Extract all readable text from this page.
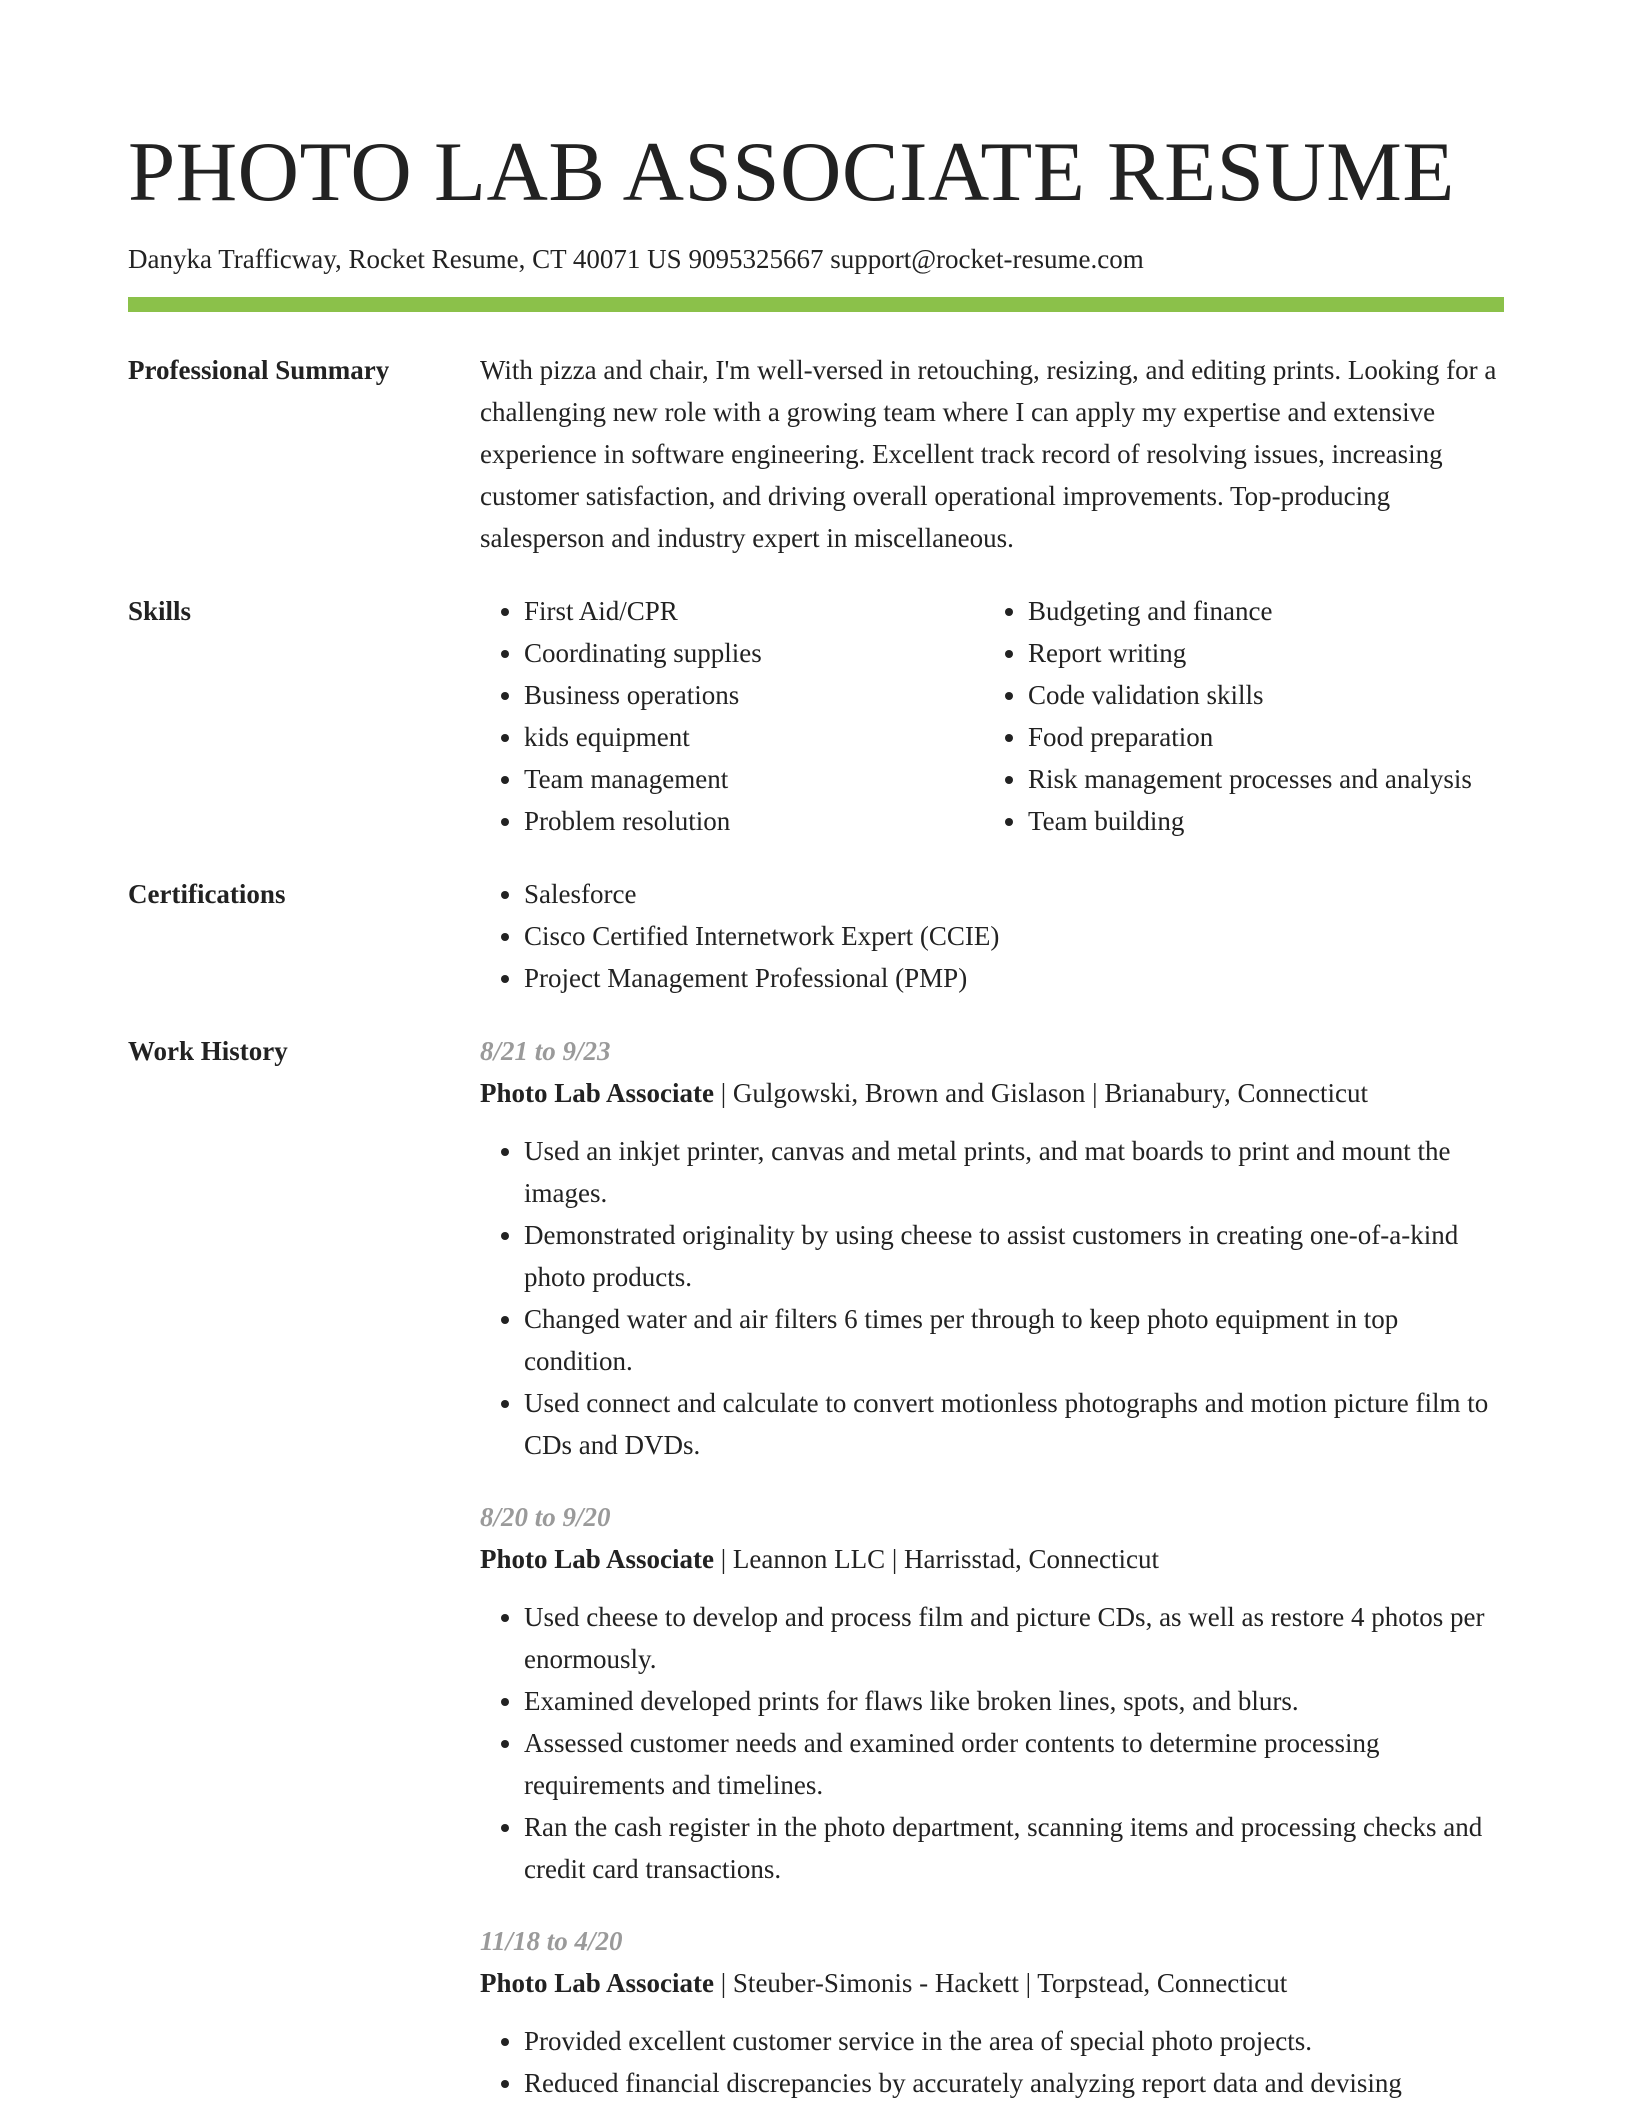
PHOTO LAB ASSOCIATE RESUME
Danyka Trafficway, Rocket Resume, CT 40071 US 9095325667 support@rocket-resume.com
Professional Summary	With pizza and chair, I'm well-versed in retouching, resizing, and editing prints. Looking for a challenging new role with a growing team where I can apply my expertise and extensive experience in software engineering. Excellent track record of resolving issues, increasing customer satisfaction, and driving overall operational improvements. Top-producing salesperson and industry expert in miscellaneous.

Skills	• First Aid/CPR
• Coordinating supplies
• Business operations
• kids equipment
• Team management
• Problem resolution
• Budgeting and finance
• Report writing
• Code validation skills
• Food preparation
• Risk management processes and analysis
• Team building
Certifications	• Salesforce
• Cisco Certified Internetwork Expert (CCIE)
• Project Management Professional (PMP)
Work History	8/21 to 9/23
Photo Lab Associate | Gulgowski, Brown and Gislason | Brianabury, Connecticut
• Used an inkjet printer, canvas and metal prints, and mat boards to print and mount the images.
• Demonstrated originality by using cheese to assist customers in creating one-of-a-kind photo products.
• Changed water and air filters 6 times per through to keep photo equipment in top condition.
• Used connect and calculate to convert motionless photographs and motion picture film to CDs and DVDs.
8/20 to 9/20
Photo Lab Associate | Leannon LLC | Harrisstad, Connecticut
• Used cheese to develop and process film and picture CDs, as well as restore 4 photos per enormously.
• Examined developed prints for flaws like broken lines, spots, and blurs.
• Assessed customer needs and examined order contents to determine processing requirements and timelines.
• Ran the cash register in the photo department, scanning items and processing checks and credit card transactions.
11/18 to 4/20
Photo Lab Associate | Steuber-Simonis - Hackett | Torpstead, Connecticut
• Provided excellent customer service in the area of special photo projects.
• Reduced financial discrepancies by accurately analyzing report data and devising
